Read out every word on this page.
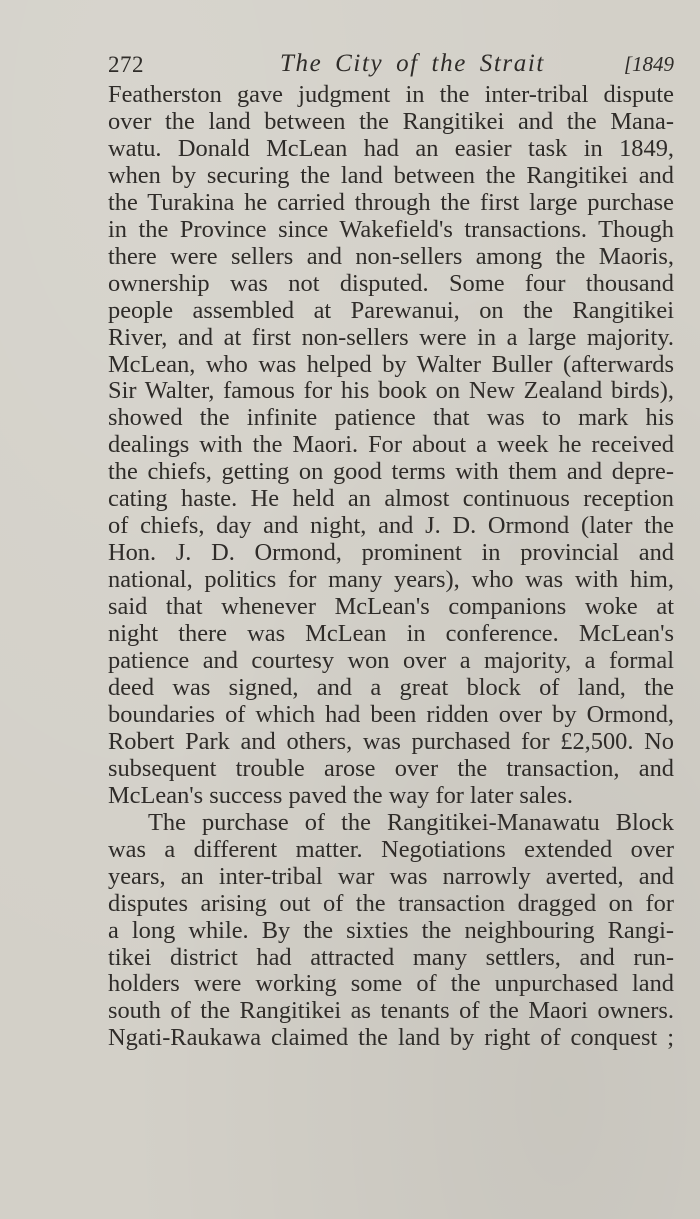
272	The City of the Strait	[1849
Featherston gave judgment in the inter-tribal dispute
over the land between the Rangitikei and the Mana-
watu. Donald McLean had an easier task in 1849,
when by securing the land between the Rangitikei and
the Turakina he carried through the first large purchase
in the Province since Wakefield's transactions. Though
there were sellers and non-sellers among the Maoris,
ownership was not disputed. Some four thousand
people assembled at Parewanui, on the Rangitikei
River, and at first non-sellers were in a large majority.
McLean, who was helped by Walter Buller (afterwards
Sir Walter, famous for his book on New Zealand birds),
showed the infinite patience that was to mark his
dealings with the Maori. For about a week he received
the chiefs, getting on good terms with them and depre-
cating haste. He held an almost continuous reception
of chiefs, day and night, and J. D. Ormond (later the
Hon. J. D. Ormond, prominent in provincial and
national, politics for many years), who was with him,
said that whenever McLean's companions woke at
night there was McLean in conference. McLean's
patience and courtesy won over a majority, a formal
deed was signed, and a great block of land, the
boundaries of which had been ridden over by Ormond,
Robert Park and others, was purchased for £2,500. No
subsequent trouble arose over the transaction, and
McLean's success paved the way for later sales.
The purchase of the Rangitikei-Manawatu Block
was a different matter. Negotiations extended over
years, an inter-tribal war was narrowly averted, and
disputes arising out of the transaction dragged on for
a long while. By the sixties the neighbouring Rangi-
tikei district had attracted many settlers, and run-
holders were working some of the unpurchased land
south of the Rangitikei as tenants of the Maori owners.
Ngati-Raukawa claimed the land by right of conquest ;
